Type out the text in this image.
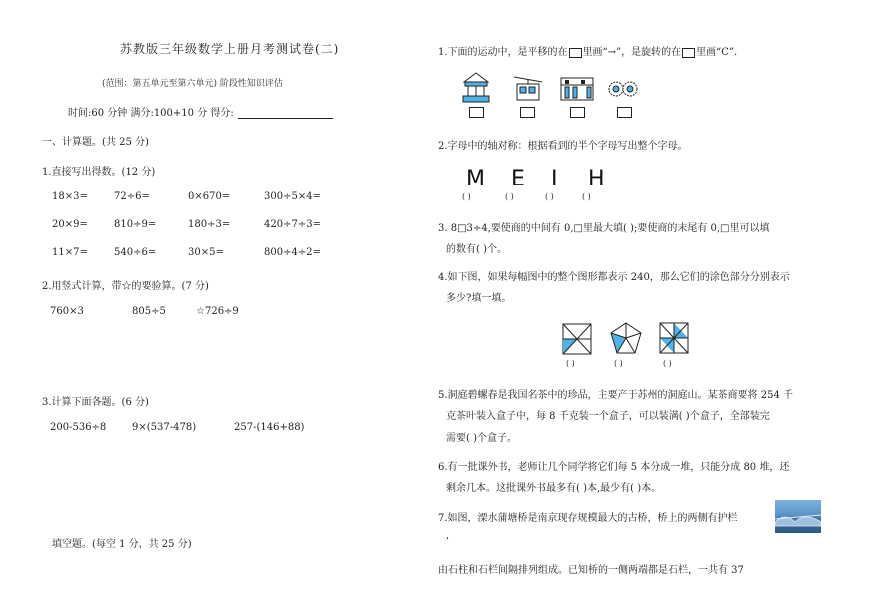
苏教版三年级数学上册月考测试卷(二)
(范围：第五单元至第六单元) 阶段性知识评估
时间:60 分钟 满分:100+10 分 得分:
一、计算题。(共 25 分)
1.直接写出得数。(12 分)
18×3=	72÷6=	0×670=	300÷5×4=
20×9=	810÷9=	180÷3=	420÷7÷3=
11×7=	540÷6=	30×5=	800÷4÷2=
2.用竖式计算，带☆的要验算。(7 分)
760×3	805÷5	☆726÷9
3.计算下面各题。(6 分)
200-536÷8	9×(537-478)	257-(146+88)
填空题。(每空 1 分，共 25 分)
1.下面的运动中，是平移的在 里画“→”，是旋转的在 里画“C”.
2.字母中的轴对称：根据看到的半个字母写出整个字母。
M E I H
( )	( )	( )	( )
3. 8□3÷4,要使商的中间有 0,□里最大填( );要使商的末尾有 0,□里可以填
的数有( )个。
4.如下图，如果每幅图中的整个图形都表示 240，那么它们的涂色部分分别表示
多少?填一填。
( )	( )	( )
5.洞庭碧螺春是我国名茶中的珍品，主要产于苏州的洞庭山。某茶商要将 254 千
克茶叶装入盒子中，每 8 千克装一个盒子，可以装满( )个盒子，全部装完
需要( )个盒子。
6.有一批课外书，老师让几个同学将它们每 5 本分成一堆，只能分成 80 堆，还
剩余几本。这批课外书最多有( )本,最少有( )本。
7.如图，溧水蒲塘桥是南京现存规模最大的古桥，桥上的两侧有护栏
,
由石柱和石栏间隔排列组成。已知桥的一侧两端都是石栏，一共有 37
